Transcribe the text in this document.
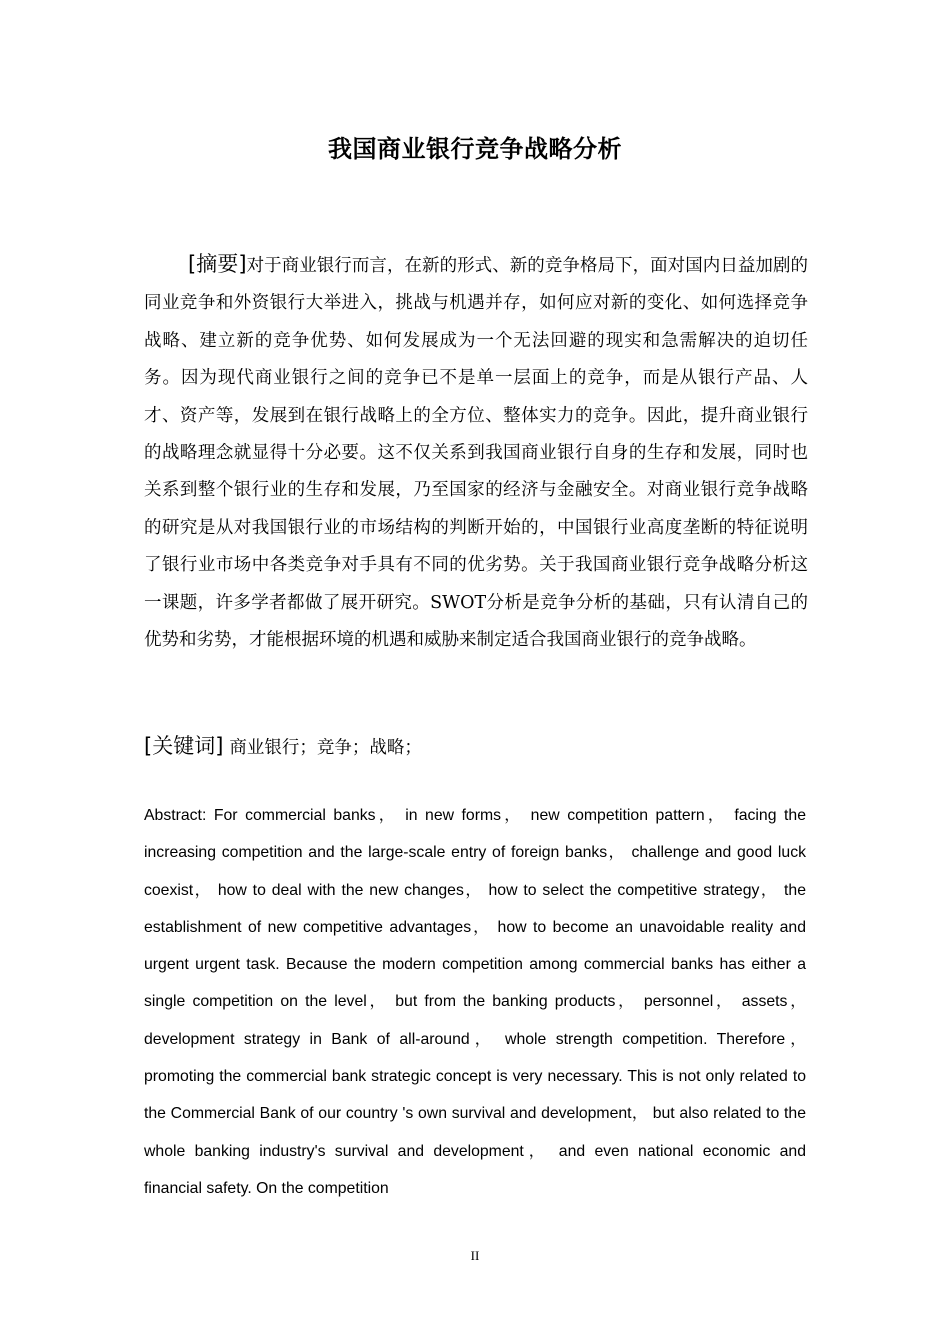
我国商业银行竞争战略分析

[摘要]对于商业银行而言，在新的形式、新的竞争格局下，面对国内日益加剧的同业竞争和外资银行大举进入，挑战与机遇并存，如何应对新的变化、如何选择竞争战略、建立新的竞争优势、如何发展成为一个无法回避的现实和急需解决的迫切任务。因为现代商业银行之间的竞争已不是单一层面上的竞争，而是从银行产品、人才、资产等，发展到在银行战略上的全方位、整体实力的竞争。因此，提升商业银行的战略理念就显得十分必要。这不仅关系到我国商业银行自身的生存和发展，同时也关系到整个银行业的生存和发展，乃至国家的经济与金融安全。对商业银行竞争战略的研究是从对我国银行业的市场结构的判断开始的，中国银行业高度垄断的特征说明了银行业市场中各类竞争对手具有不同的优劣势。关于我国商业银行竞争战略分析这一课题，许多学者都做了展开研究。SWOT分析是竞争分析的基础，只有认清自己的优势和劣势，才能根据环境的机遇和威胁来制定适合我国商业银行的竞争战略。

[关键词] 商业银行；竞争；战略；

Abstract: For commercial banks， in new forms， new competition pattern， facing the increasing competition and the large-scale entry of foreign banks， challenge and good luck coexist， how to deal with the new changes， how to select the competitive strategy， the establishment of new competitive advantages， how to become an unavoidable reality and urgent urgent task. Because the modern competition among commercial banks has either a single competition on the level， but from the banking products， personnel， assets， development strategy in Bank of all-around， whole strength competition. Therefore， promoting the commercial bank strategic concept is very necessary. This is not only related to the Commercial Bank of our country 's own survival and development， but also related to the whole banking industry's survival and development， and even national economic and financial safety. On the competition

II
